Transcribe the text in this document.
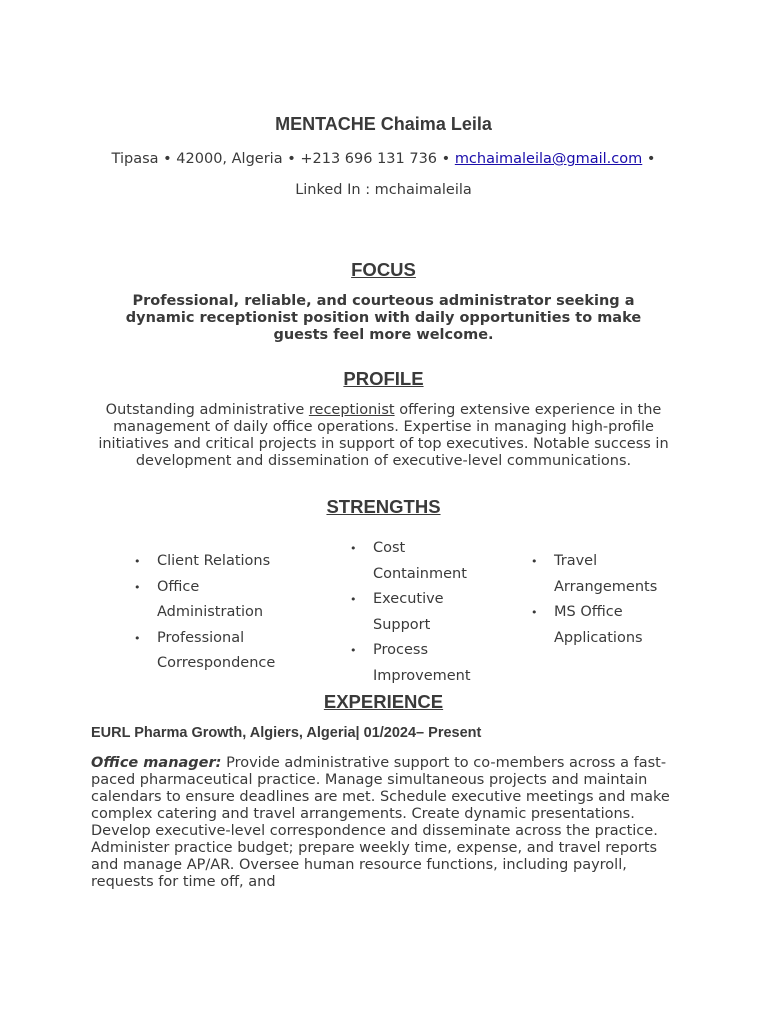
MENTACHE Chaima Leila
Tipasa • 42000, Algeria • +213 696 131 736 • mchaimaleila@gmail.com •
Linked In : mchaimaleila
FOCUS
Professional, reliable, and courteous administrator seeking a dynamic receptionist position with daily opportunities to make guests feel more welcome.
PROFILE
Outstanding administrative receptionist offering extensive experience in the management of daily office operations. Expertise in managing high-profile initiatives and critical projects in support of top executives. Notable success in development and dissemination of executive-level communications.
STRENGTHS
• Client Relations
• Office Administration
• Professional Correspondence
• Cost Containment
• Executive Support
• Process Improvement
• Travel Arrangements
• MS Office Applications
EXPERIENCE
EURL Pharma Growth, Algiers, Algeria| 01/2024– Present
Office manager: Provide administrative support to co-members across a fast-paced pharmaceutical practice. Manage simultaneous projects and maintain calendars to ensure deadlines are met. Schedule executive meetings and make complex catering and travel arrangements. Create dynamic presentations. Develop executive-level correspondence and disseminate across the practice. Administer practice budget; prepare weekly time, expense, and travel reports and manage AP/AR. Oversee human resource functions, including payroll, requests for time off, and
